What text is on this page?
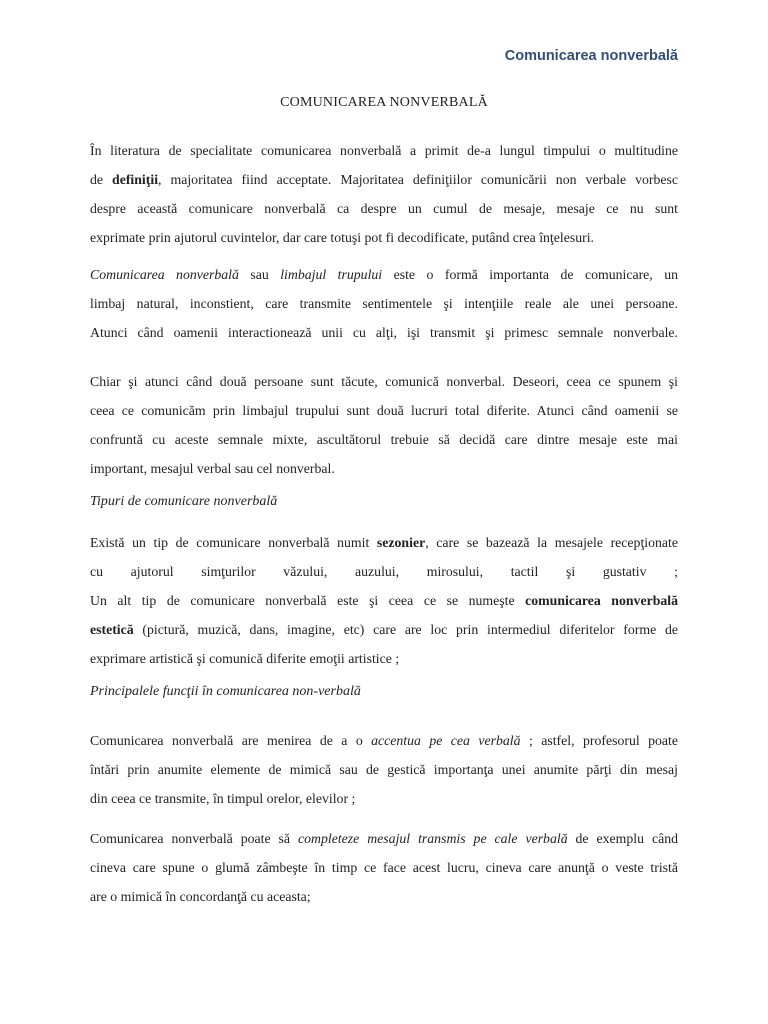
Comunicarea nonverbală
COMUNICAREA NONVERBALĂ
În literatura de specialitate comunicarea nonverbală a primit de-a lungul timpului o multitudine
de definiţii, majoritatea fiind acceptate. Majoritatea definiţiilor comunicării non verbale vorbesc
despre această comunicare nonverbală ca despre un cumul de mesaje, mesaje ce nu sunt
exprimate prin ajutorul cuvintelor, dar care totuşi pot fi decodificate, putând crea înţelesuri.
Comunicarea nonverbală sau limbajul trupului este o formă importanta de comunicare, un
limbaj natural, inconstient, care transmite sentimentele şi intenţiile reale ale unei persoane.
Atunci când oamenii interactionează unii cu alţi, işi transmit şi primesc semnale nonverbale.
Chiar şi atunci când două persoane sunt tăcute, comunică nonverbal. Deseori, ceea ce spunem şi
ceea ce comunicăm prin limbajul trupului sunt două lucruri total diferite. Atunci când oamenii se
confruntă cu aceste semnale mixte, ascultătorul trebuie să decidă care dintre mesaje este mai
important, mesajul verbal sau cel nonverbal.
Tipuri de comunicare nonverbală
Există un tip de comunicare nonverbală numit sezonier, care se bazează la mesajele recepţionate
cu ajutorul simţurilor văzului, auzului, mirosului, tactil şi gustativ ;
Un alt tip de comunicare nonverbală este şi ceea ce se numeşte comunicarea nonverbală
estetică (pictură, muzică, dans, imagine, etc) care are loc prin intermediul diferitelor forme de
exprimare artistică şi comunică diferite emoţii artistice ;
Principalele funcţii în comunicarea non-verbală
Comunicarea nonverbală are menirea de a o accentua pe cea verbală ; astfel, profesorul poate
întări prin anumite elemente de mimică sau de gestică importanţa unei anumite părţi din mesaj
din ceea ce transmite, în timpul orelor, elevilor ;
Comunicarea nonverbală poate să completeze mesajul transmis pe cale verbală de exemplu când
cineva care spune o glumă zâmbeşte în timp ce face acest lucru, cineva care anunţă o veste tristă
are o mimică în concordanţă cu aceasta;
